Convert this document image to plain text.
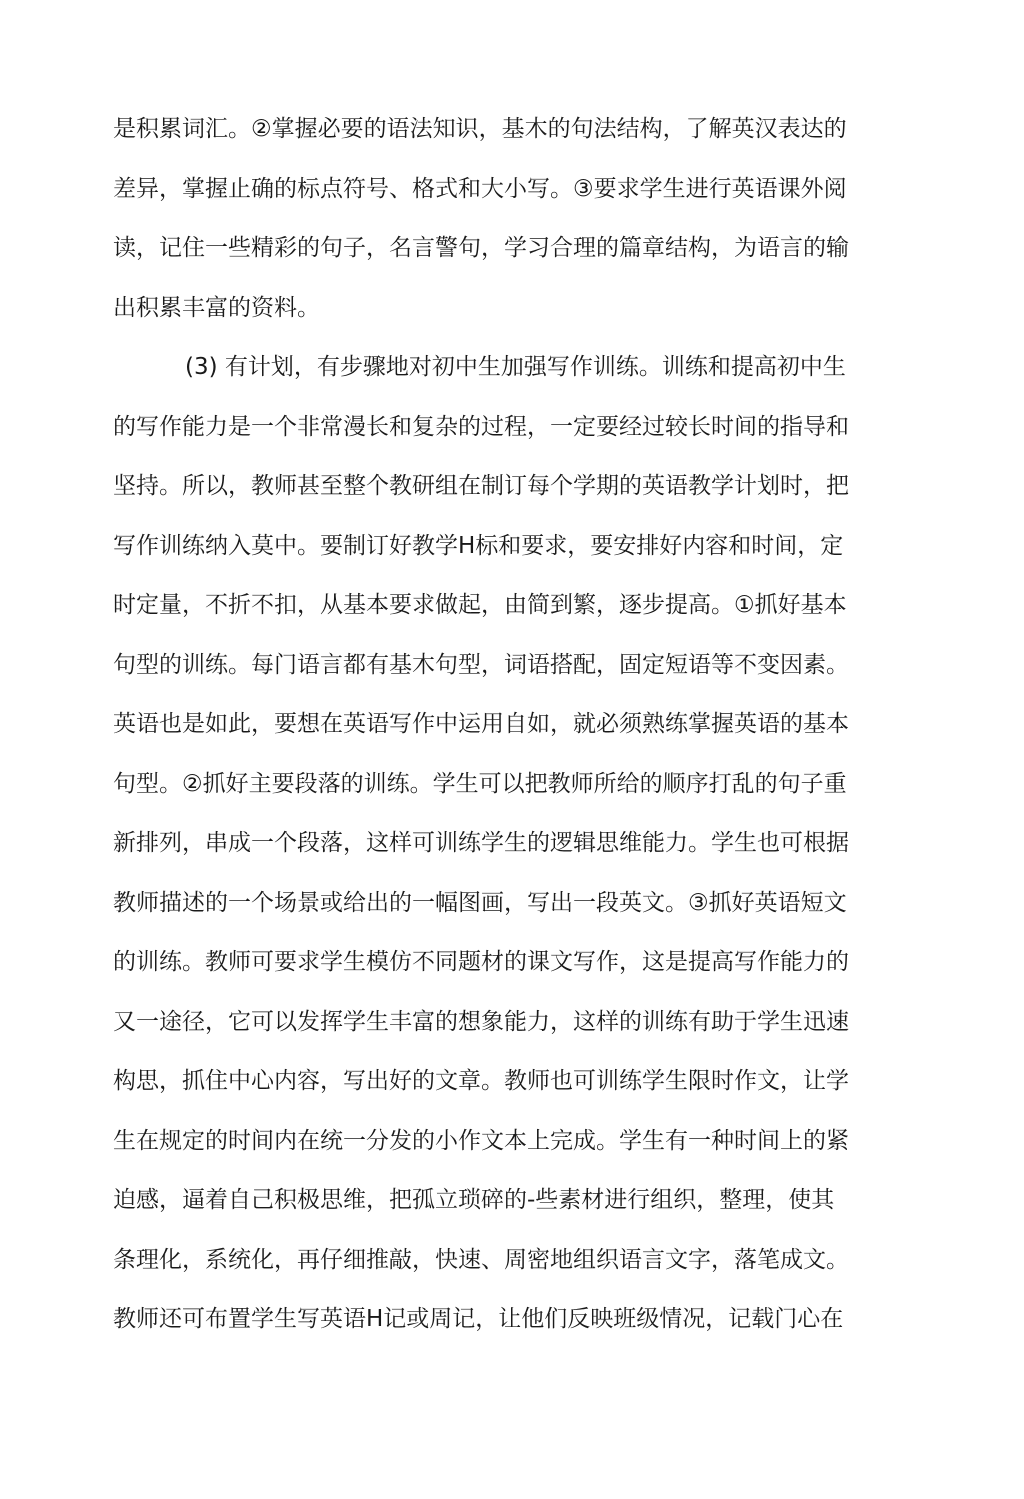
是积累词汇。②掌握必要的语法知识，基木的句法结构，了解英汉表达的
差异，掌握止确的标点符号、格式和大小写。③要求学生进行英语课外阅
读，记住一些精彩的句子，名言警句，学习合理的篇章结构，为语言的输
出积累丰富的资料。
(3) 有计划，有步骤地对初中生加强写作训练。训练和提高初中生
的写作能力是一个非常漫长和复杂的过程，一定要经过较长时间的指导和
坚持。所以，教师甚至整个教研组在制订每个学期的英语教学计划时，把
写作训练纳入莫中。要制订好教学H标和要求，要安排好内容和时间，定
时定量，不折不扣，从基本要求做起，由简到繁，逐步提高。①抓好基本
句型的训练。每门语言都有基木句型，词语搭配，固定短语等不变因素。
英语也是如此，要想在英语写作中运用自如，就必须熟练掌握英语的基本
句型。②抓好主要段落的训练。学生可以把教师所给的顺序打乱的句子重
新排列，串成一个段落，这样可训练学生的逻辑思维能力。学生也可根据
教师描述的一个场景或给出的一幅图画，写出一段英文。③抓好英语短文
的训练。教师可要求学生模仿不同题材的课文写作，这是提高写作能力的
又一途径，它可以发挥学生丰富的想象能力，这样的训练有助于学生迅速
构思，抓住中心内容，写出好的文章。教师也可训练学生限时作文，让学
生在规定的时间内在统一分发的小作文本上完成。学生有一种时间上的紧
迫感，逼着自己积极思维，把孤立琐碎的-些素材进行组织，整理，使其
条理化，系统化，再仔细推敲，快速、周密地组织语言文字，落笔成文。
教师还可布置学生写英语H记或周记，让他们反映班级情况，记载门心在
